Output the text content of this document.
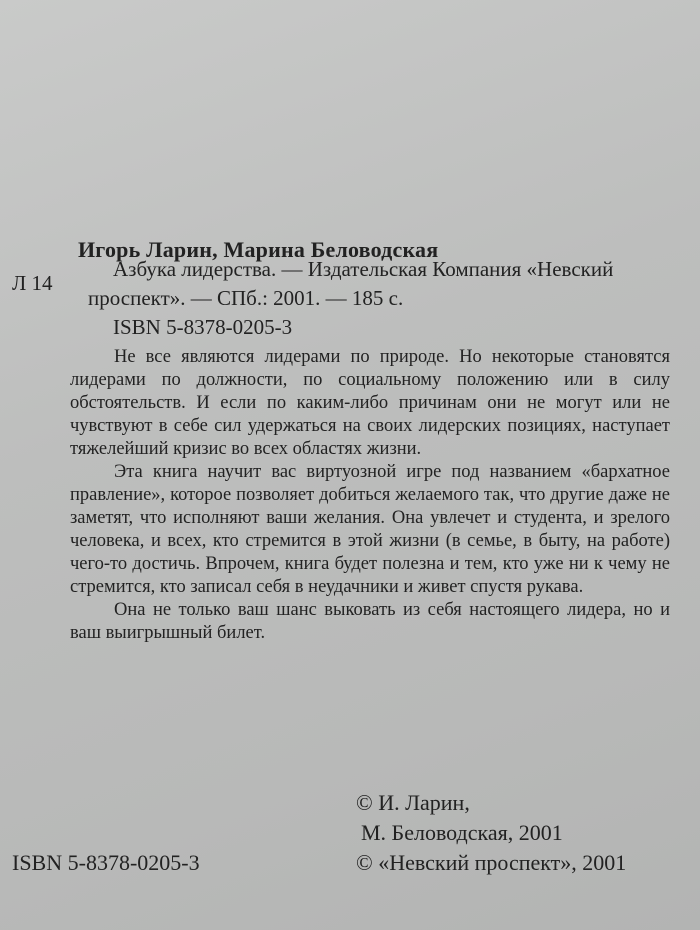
Игорь Ларин, Марина Беловодская
Л 14
Азбука лидерства. — Издательская Компания «Невский
проспект». — СПб.: 2001. — 185 с.
ISBN 5-8378-0205-3

Не все являются лидерами по природе. Но некоторые становятся лидерами по должности, по социальному положению или в силу обстоятельств. И если по каким-либо причинам они не могут или не чувствуют в себе сил удержаться на своих лидерских позициях, наступает тяжелейший кризис во всех областях жизни.

Эта книга научит вас виртуозной игре под названием «бархатное правление», которое позволяет добиться желаемого так, что другие даже не заметят, что исполняют ваши желания. Она увлечет и студента, и зрелого человека, и всех, кто стремится в этой жизни (в семье, в быту, на работе) чего-то достичь. Впрочем, книга будет полезна и тем, кто уже ни к чему не стремится, кто записал себя в неудачники и живет спустя рукава.

Она не только ваш шанс выковать из себя настоящего лидера, но и ваш выигрышный билет.

ISBN 5-8378-0205-3
© И. Ларин,
М. Беловодская, 2001
© «Невский проспект», 2001
